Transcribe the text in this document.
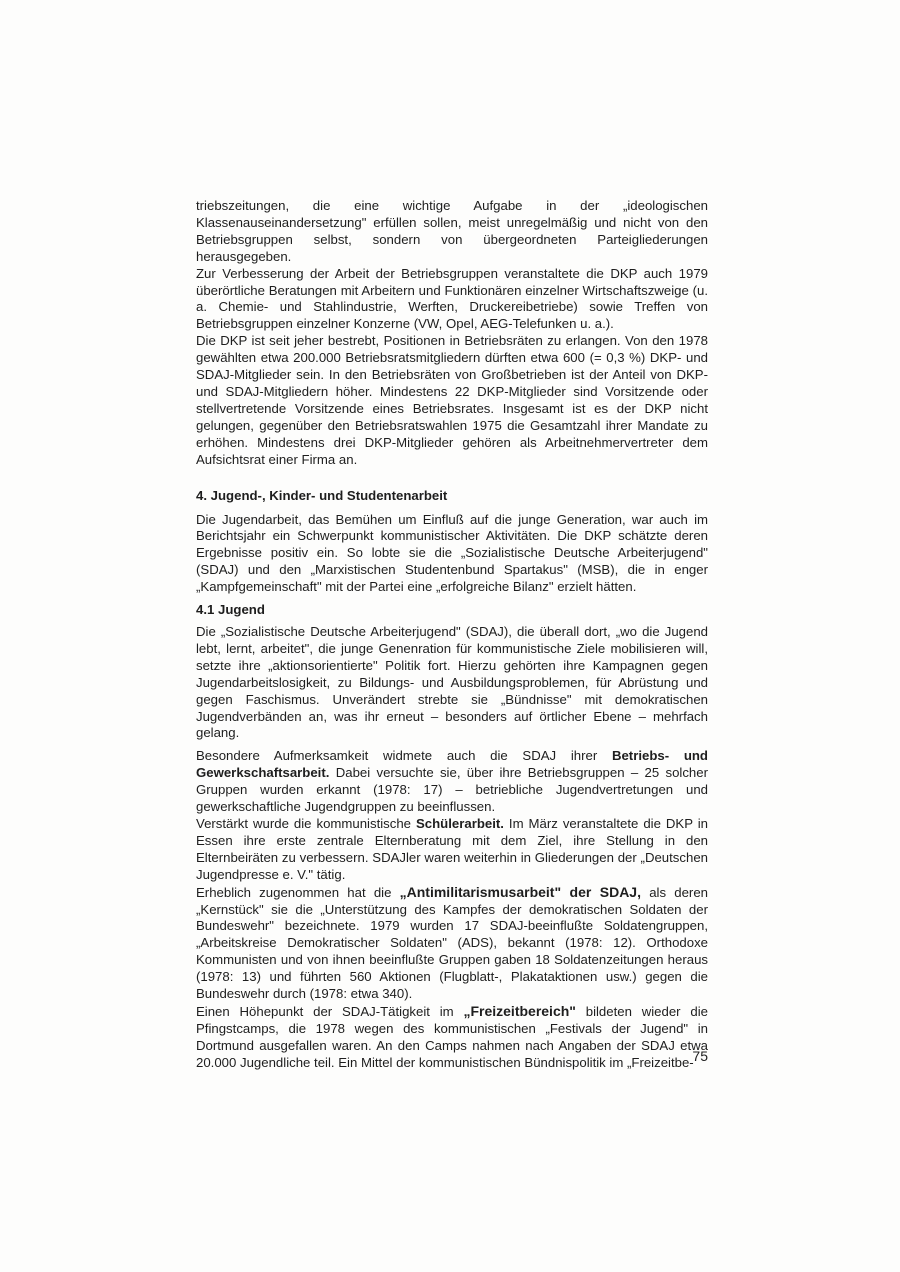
triebszeitungen, die eine wichtige Aufgabe in der „ideologischen Klassenauseinandersetzung" erfüllen sollen, meist unregelmäßig und nicht von den Betriebsgruppen selbst, sondern von übergeordneten Parteigliederungen herausgegeben.

Zur Verbesserung der Arbeit der Betriebsgruppen veranstaltete die DKP auch 1979 überörtliche Beratungen mit Arbeitern und Funktionären einzelner Wirtschaftszweige (u. a. Chemie- und Stahlindustrie, Werften, Druckereibetriebe) sowie Treffen von Betriebsgruppen einzelner Konzerne (VW, Opel, AEG-Telefunken u. a.).

Die DKP ist seit jeher bestrebt, Positionen in Betriebsräten zu erlangen. Von den 1978 gewählten etwa 200.000 Betriebsratsmitgliedern dürften etwa 600 (= 0,3 %) DKP- und SDAJ-Mitglieder sein. In den Betriebsräten von Großbetrieben ist der Anteil von DKP- und SDAJ-Mitgliedern höher. Mindestens 22 DKP-Mitglieder sind Vorsitzende oder stellvertretende Vorsitzende eines Betriebsrates. Insgesamt ist es der DKP nicht gelungen, gegenüber den Betriebsratswahlen 1975 die Gesamtzahl ihrer Mandate zu erhöhen. Mindestens drei DKP-Mitglieder gehören als Arbeitnehmervertreter dem Aufsichtsrat einer Firma an.

4. Jugend-, Kinder- und Studentenarbeit

Die Jugendarbeit, das Bemühen um Einfluß auf die junge Generation, war auch im Berichtsjahr ein Schwerpunkt kommunistischer Aktivitäten. Die DKP schätzte deren Ergebnisse positiv ein. So lobte sie die „Sozialistische Deutsche Arbeiterjugend" (SDAJ) und den „Marxistischen Studentenbund Spartakus" (MSB), die in enger „Kampfgemeinschaft" mit der Partei eine „erfolgreiche Bilanz" erzielt hätten.

4.1 Jugend

Die „Sozialistische Deutsche Arbeiterjugend" (SDAJ), die überall dort, „wo die Jugend lebt, lernt, arbeitet", die junge Genenration für kommunistische Ziele mobilisieren will, setzte ihre „aktionsorientierte" Politik fort. Hierzu gehörten ihre Kampagnen gegen Jugendarbeitslosigkeit, zu Bildungs- und Ausbildungsproblemen, für Abrüstung und gegen Faschismus. Unverändert strebte sie „Bündnisse" mit demokratischen Jugendverbänden an, was ihr erneut – besonders auf örtlicher Ebene – mehrfach gelang.

Besondere Aufmerksamkeit widmete auch die SDAJ ihrer Betriebs- und Gewerkschaftsarbeit. Dabei versuchte sie, über ihre Betriebsgruppen – 25 solcher Gruppen wurden erkannt (1978: 17) – betriebliche Jugendvertretungen und gewerkschaftliche Jugendgruppen zu beeinflussen.

Verstärkt wurde die kommunistische Schülerarbeit. Im März veranstaltete die DKP in Essen ihre erste zentrale Elternberatung mit dem Ziel, ihre Stellung in den Elternbeiräten zu verbessern. SDAJler waren weiterhin in Gliederungen der „Deutschen Jugendpresse e. V." tätig.

Erheblich zugenommen hat die „Antimilitarismusarbeit" der SDAJ, als deren „Kernstück" sie die „Unterstützung des Kampfes der demokratischen Soldaten der Bundeswehr" bezeichnete. 1979 wurden 17 SDAJ-beeinflußte Soldatengruppen, „Arbeitskreise Demokratischer Soldaten" (ADS), bekannt (1978: 12). Orthodoxe Kommunisten und von ihnen beeinflußte Gruppen gaben 18 Soldatenzeitungen heraus (1978: 13) und führten 560 Aktionen (Flugblatt-, Plakataktionen usw.) gegen die Bundeswehr durch (1978: etwa 340).

Einen Höhepunkt der SDAJ-Tätigkeit im „Freizeitbereich" bildeten wieder die Pfingstcamps, die 1978 wegen des kommunistischen „Festivals der Jugend" in Dortmund ausgefallen waren. An den Camps nahmen nach Angaben der SDAJ etwa 20.000 Jugendliche teil. Ein Mittel der kommunistischen Bündnispolitik im „Freizeitbe-

75
